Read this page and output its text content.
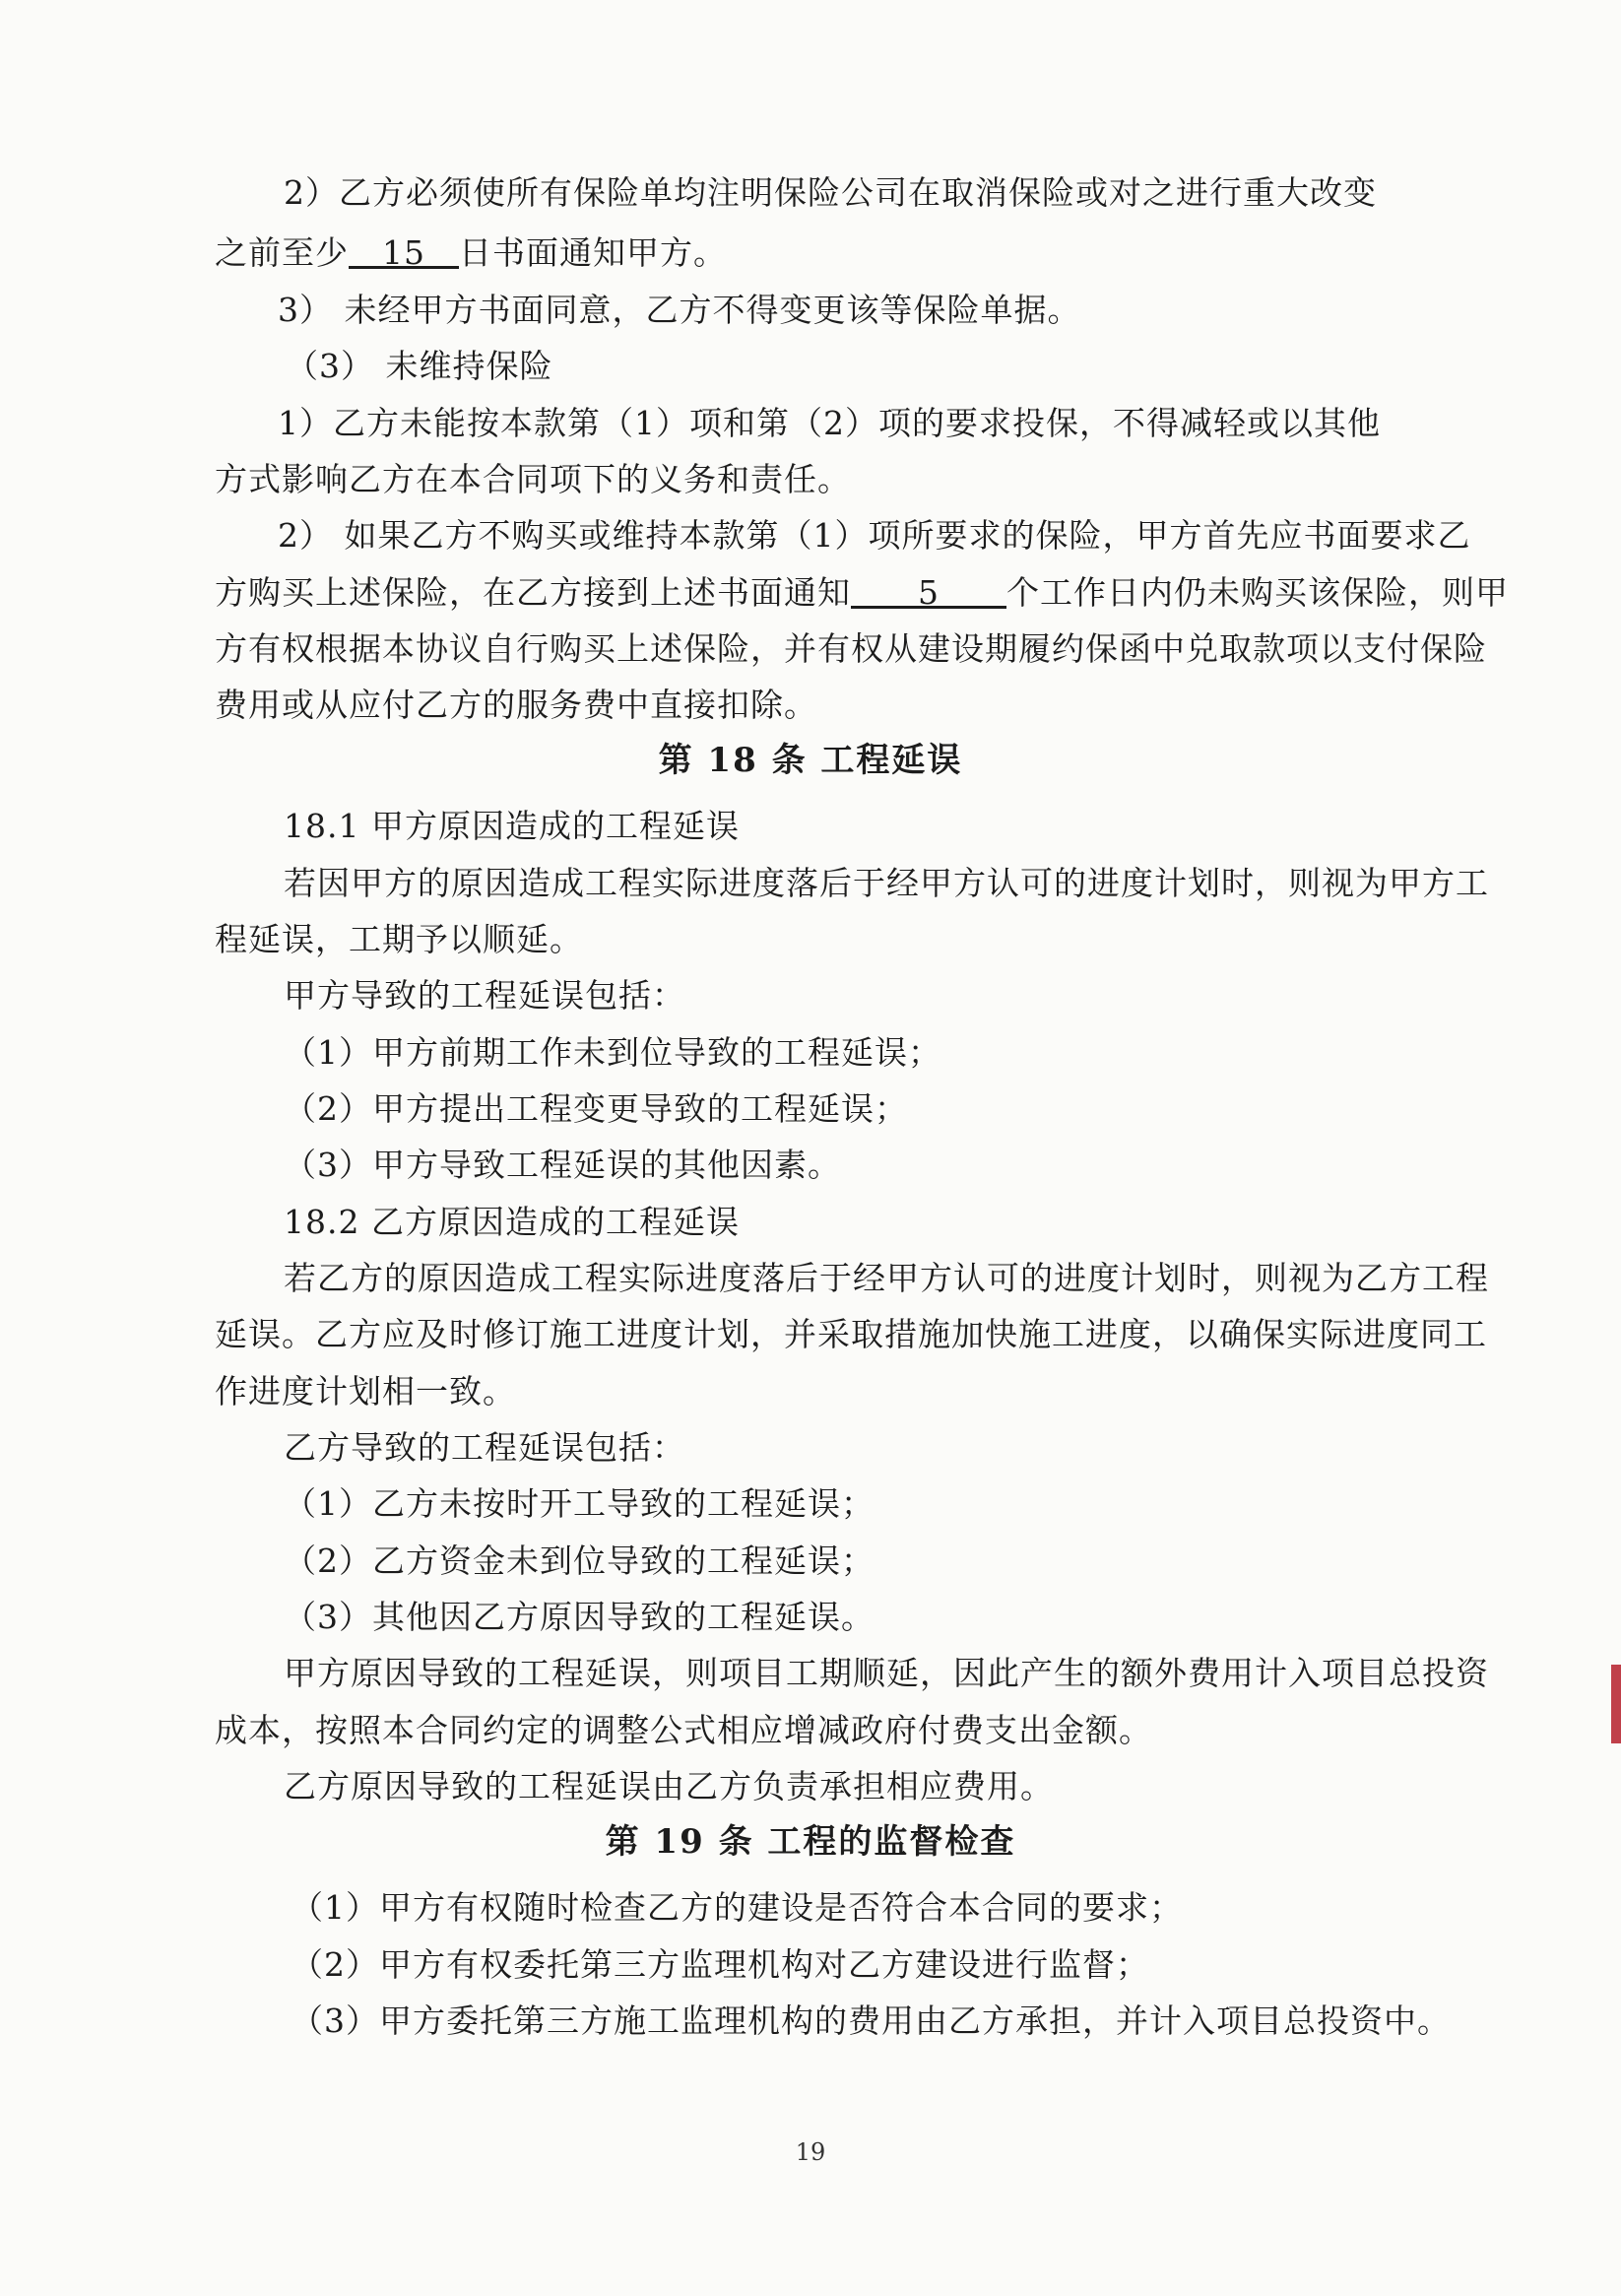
2）乙方必须使所有保险单均注明保险公司在取消保险或对之进行重大改变
之前至少　 15　 日书面通知甲方。
3） 未经甲方书面同意，乙方不得变更该等保险单据。
（3） 未维持保险
1）乙方未能按本款第（1）项和第（2）项的要求投保，不得减轻或以其他
方式影响乙方在本合同项下的义务和责任。
2） 如果乙方不购买或维持本款第（1）项所要求的保险，甲方首先应书面要求乙
方购买上述保险，在乙方接到上述书面通知　　 5　　 个工作日内仍未购买该保险，则甲
方有权根据本协议自行购买上述保险，并有权从建设期履约保函中兑取款项以支付保险
费用或从应付乙方的服务费中直接扣除。
第 18 条 工程延误
18.1 甲方原因造成的工程延误
若因甲方的原因造成工程实际进度落后于经甲方认可的进度计划时，则视为甲方工
程延误，工期予以顺延。
甲方导致的工程延误包括：
（1）甲方前期工作未到位导致的工程延误；
（2）甲方提出工程变更导致的工程延误；
（3）甲方导致工程延误的其他因素。
18.2 乙方原因造成的工程延误
若乙方的原因造成工程实际进度落后于经甲方认可的进度计划时，则视为乙方工程
延误。乙方应及时修订施工进度计划，并采取措施加快施工进度，以确保实际进度同工
作进度计划相一致。
乙方导致的工程延误包括：
（1）乙方未按时开工导致的工程延误；
（2）乙方资金未到位导致的工程延误；
（3）其他因乙方原因导致的工程延误。
甲方原因导致的工程延误，则项目工期顺延，因此产生的额外费用计入项目总投资
成本，按照本合同约定的调整公式相应增减政府付费支出金额。
乙方原因导致的工程延误由乙方负责承担相应费用。
第 19 条 工程的监督检查
（1）甲方有权随时检查乙方的建设是否符合本合同的要求；
（2）甲方有权委托第三方监理机构对乙方建设进行监督；
（3）甲方委托第三方施工监理机构的费用由乙方承担，并计入项目总投资中。
19
